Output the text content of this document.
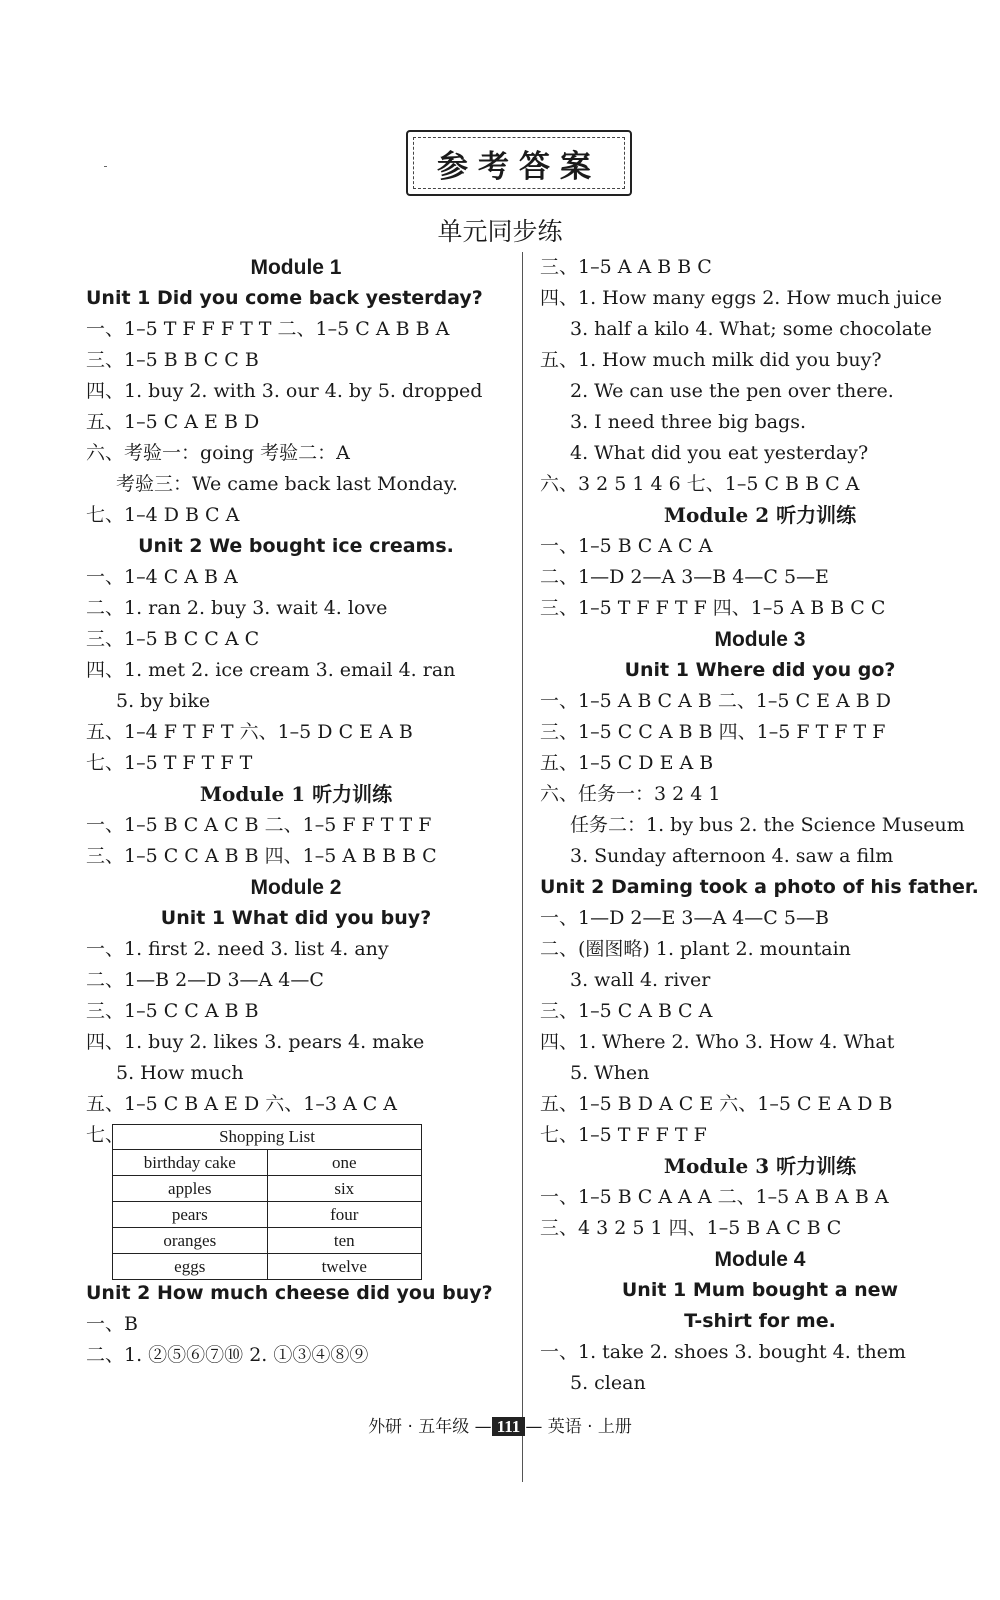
参考答案
单元同步练
Module 1
Unit 1 Did you come back yesterday?
一、1–5 T F F F T T 二、1–5 C A B B A
三、1–5 B B C C B
四、1. buy 2. with 3. our 4. by 5. dropped
五、1–5 C A E B D
六、考验一：going 考验二：A
考验三：We came back last Monday.
七、1–4 D B C A
Unit 2 We bought ice creams.
一、1–4 C A B A
二、1. ran 2. buy 3. wait 4. love
三、1–5 B C C A C
四、1. met 2. ice cream 3. email 4. ran
5. by bike
五、1–4 F T F T 六、1–5 D C E A B
七、1–5 T F T F T
Module 1 听力训练
一、1–5 B C A C B 二、1–5 F F T T F
三、1–5 C C A B B 四、1–5 A B B B C
Module 2
Unit 1 What did you buy?
一、1. first 2. need 3. list 4. any
二、1—B 2—D 3—A 4—C
三、1–5 C C A B B
四、1. buy 2. likes 3. pears 4. make
5. How much
五、1–5 C B A E D 六、1–3 A C A
七、	Shopping List	
birthday cake	one
apples	six
pears	four
oranges	ten
eggs	twelve
Unit 2 How much cheese did you buy?
一、B
二、1. ②⑤⑥⑦⑩ 2. ①③④⑧⑨
三、1–5 A A B B C
四、1. How many eggs 2. How much juice
3. half a kilo 4. What; some chocolate
五、1. How much milk did you buy?
2. We can use the pen over there.
3. I need three big bags.
4. What did you eat yesterday?
六、3 2 5 1 4 6 七、1–5 C B B C A
Module 2 听力训练
一、1–5 B C A C A
二、1—D 2—A 3—B 4—C 5—E
三、1–5 T F F T F 四、1–5 A B B C C
Module 3
Unit 1 Where did you go?
一、1–5 A B C A B 二、1–5 C E A B D
三、1–5 C C A B B 四、1–5 F T F T F
五、1–5 C D E A B
六、任务一：3 2 4 1
任务二：1. by bus 2. the Science Museum
3. Sunday afternoon 4. saw a film
Unit 2 Daming took a photo of his father.
一、1—D 2—E 3—A 4—C 5—B
二、(圈图略) 1. plant 2. mountain
3. wall 4. river
三、1–5 C A B C A
四、1. Where 2. Who 3. How 4. What
5. When
五、1–5 B D A C E 六、1–5 C E A D B
七、1–5 T F F T F
Module 3 听力训练
一、1–5 B C A A A 二、1–5 A B A B A
三、4 3 2 5 1 四、1–5 B A C B C
Module 4
Unit 1 Mum bought a new
T-shirt for me.
一、1. take 2. shoes 3. bought 4. them
5. clean
外研 · 五年级 — 111 — 英语 · 上册
